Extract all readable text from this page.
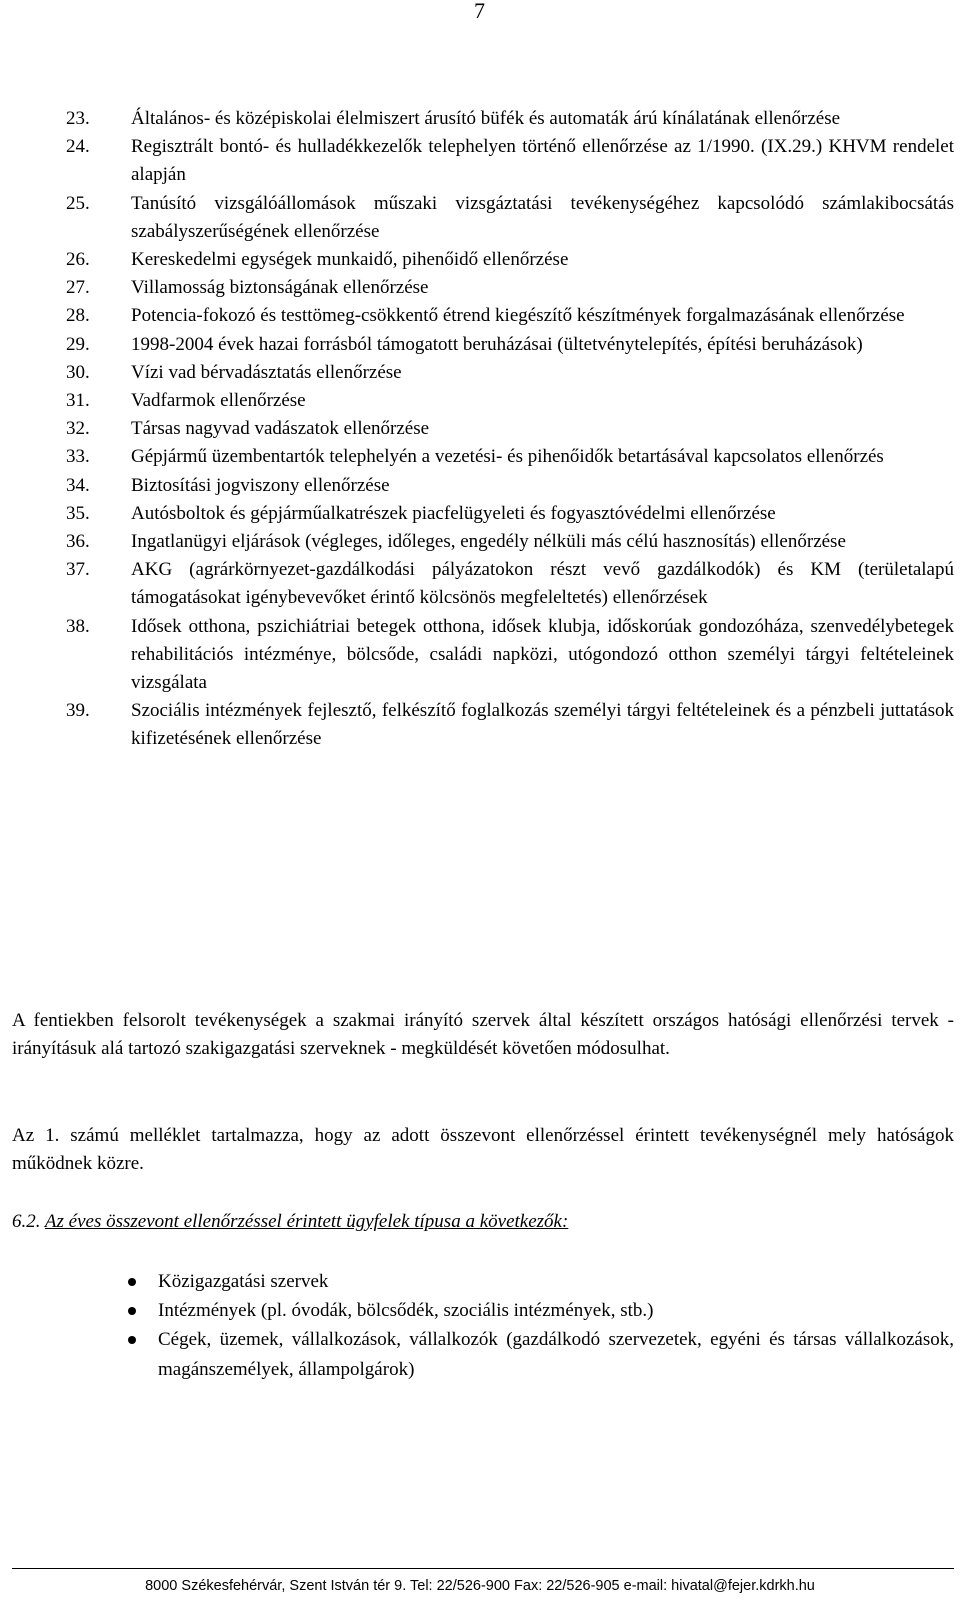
7
23.	Általános- és középiskolai élelmiszert árusító büfék és automaták árú kínálatának ellenőrzése
24.	Regisztrált bontó- és hulladékkezelők telephelyen történő ellenőrzése az 1/1990. (IX.29.) KHVM rendelet alapján
25.	Tanúsító vizsgálóállomások műszaki vizsgáztatási tevékenységéhez kapcsolódó számlakibocsátás szabályszerűségének ellenőrzése
26.	Kereskedelmi egységek munkaidő, pihenőidő ellenőrzése
27.	Villamosság biztonságának ellenőrzése
28.	Potencia-fokozó és testtömeg-csökkentő étrend kiegészítő készítmények forgalmazásának ellenőrzése
29.	1998-2004 évek hazai forrásból támogatott beruházásai (ültetvénytelepítés, építési beruházások)
30.	Vízi vad bérvadásztatás ellenőrzése
31.	Vadfarmok ellenőrzése
32.	Társas nagyvad vadászatok ellenőrzése
33.	Gépjármű üzembentartók telephelyén a vezetési- és pihenőidők betartásával kapcsolatos ellenőrzés
34.	Biztosítási jogviszony ellenőrzése
35.	Autósboltok és gépjárműalkatrészek piacfelügyeleti és fogyasztóvédelmi ellenőrzése
36.	Ingatlanügyi eljárások (végleges, időleges, engedély nélküli más célú hasznosítás) ellenőrzése
37.	AKG (agrárkörnyezet-gazdálkodási pályázatokon részt vevő gazdálkodók) és KM (területalapú támogatásokat igénybevevőket érintő kölcsönös megfeleltetés) ellenőrzések
38.	Idősek otthona, pszichiátriai betegek otthona, idősek klubja, időskorúak gondozóháza, szenvedélybetegek rehabilitációs intézménye, bölcsőde, családi napközi, utógondozó otthon személyi tárgyi feltételeinek vizsgálata
39.	Szociális intézmények fejlesztő, felkészítő foglalkozás személyi tárgyi feltételeinek és a pénzbeli juttatások kifizetésének ellenőrzése

A fentiekben felsorolt tevékenységek a szakmai irányító szervek által készített országos hatósági ellenőrzési tervek - irányításuk alá tartozó szakigazgatási szerveknek - megküldését követően módosulhat.

Az 1. számú melléklet tartalmazza, hogy az adott összevont ellenőrzéssel érintett tevékenységnél mely hatóságok működnek közre.

6.2. Az éves összevont ellenőrzéssel érintett ügyfelek típusa a következők:

Közigazgatási szervek
Intézmények (pl. óvodák, bölcsődék, szociális intézmények, stb.)
Cégek, üzemek, vállalkozások, vállalkozók (gazdálkodó szervezetek, egyéni és társas vállalkozások, magánszemélyek, állampolgárok)
8000 Székesfehérvár, Szent István tér 9. Tel: 22/526-900 Fax: 22/526-905 e-mail: hivatal@fejer.kdrkh.hu
